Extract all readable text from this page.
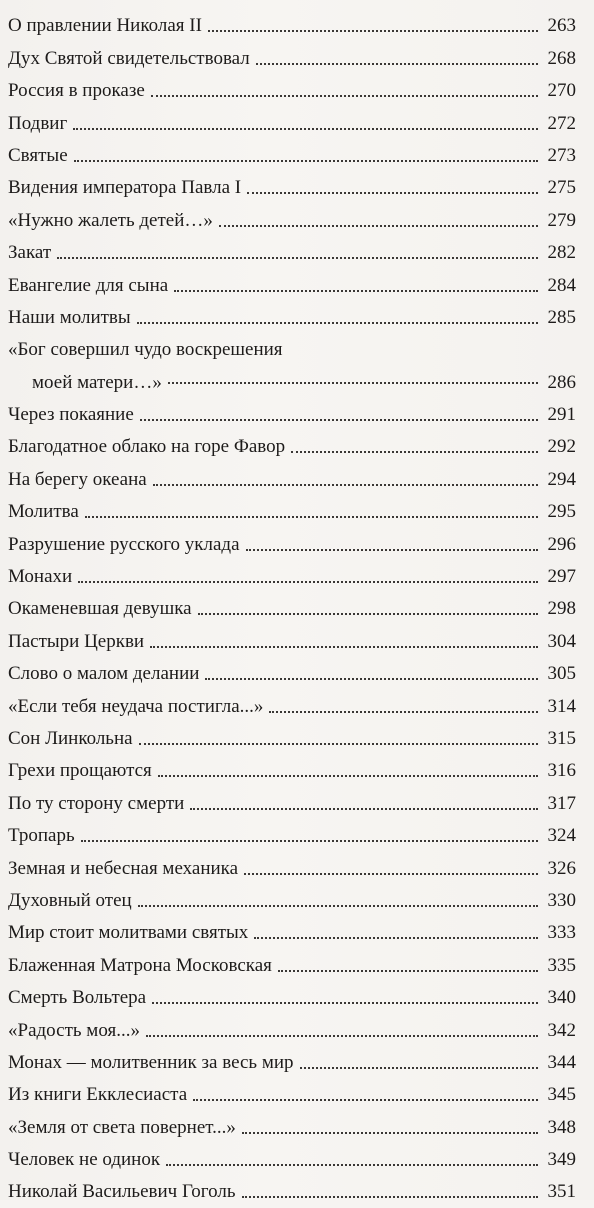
О правлении Николая II	263
Дух Святой свидетельствовал	268
Россия в проказе	270
Подвиг	272
Святые	273
Видения императора Павла I	275
«Нужно жалеть детей…»	279
Закат	282
Евангелие для сына	284
Наши молитвы	285
«Бог совершил чудо воскрешения
моей матери…»	286
Через покаяние	291
Благодатное облако на горе Фавор	292
На берегу океана	294
Молитва	295
Разрушение русского уклада	296
Монахи	297
Окаменевшая девушка	298
Пастыри Церкви	304
Слово о малом делании	305
«Если тебя неудача постигла...»	314
Сон Линкольна	315
Грехи прощаются	316
По ту сторону смерти	317
Тропарь	324
Земная и небесная механика	326
Духовный отец	330
Мир стоит молитвами святых	333
Блаженная Матрона Московская	335
Смерть Вольтера	340
«Радость моя...»	342
Монах — молитвенник за весь мир	344
Из книги Екклесиаста	345
«Земля от света повернет...»	348
Человек не одинок	349
Николай Васильевич Гоголь	351
